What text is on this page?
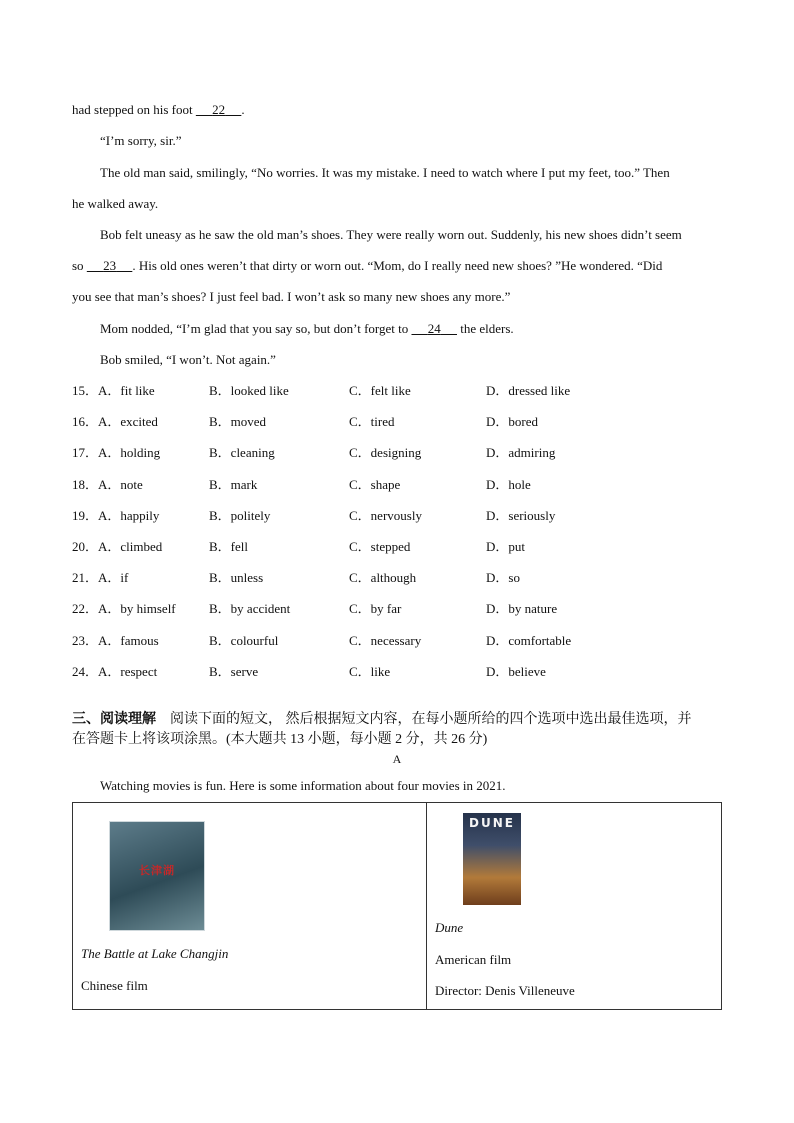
had stepped on his foot      22 .
“I’m sorry, sir.”
The old man said, smilingly, “No worries. It was my mistake. I need to watch where I put my feet, too.” Then
he walked away.
Bob felt uneasy as he saw the old man’s shoes. They were really worn out. Suddenly, his new shoes didn’t seem
so      23 . His old ones weren’t that dirty or worn out. “Mom, do I really need new shoes? ”He wondered. “Did
you see that man’s shoes? I just feel bad. I won’t ask so many new shoes any more.”
Mom nodded, “I’m glad that you say so, but don’t forget to      24      the elders.
Bob smiled, “I won’t. Not again.”
15．A．fit like	B．looked like	C．felt like	D．dressed like
16．A．excited	B．moved	C．tired	D．bored
17．A．holding	B．cleaning	C．designing	D．admiring
18．A．note	B．mark	C．shape	D．hole
19．A．happily	B．politely	C．nervously	D．seriously
20．A．climbed	B．fell	C．stepped	D．put
21．A．if	B．unless	C．although	D．so
22．A．by himself	B．by accident	C．by far	D．by nature
23．A．famous	B．colourful	C．necessary	D．comfortable
24．A．respect	B．serve	C．like	D．believe
三、阅读理解　阅读下面的短文， 然后根据短文内容，在每小题所给的四个选项中选出最佳选项，并
在答题卡上将该项涂黑。(本大题共 13 小题，每小题 2 分，共 26 分)
A
Watching movies is fun. Here is some information about four movies in 2021.
长津湖
The Battle at Lake Changjin
Chinese film

DUNE
Dune
American film
Director: Denis Villeneuve
